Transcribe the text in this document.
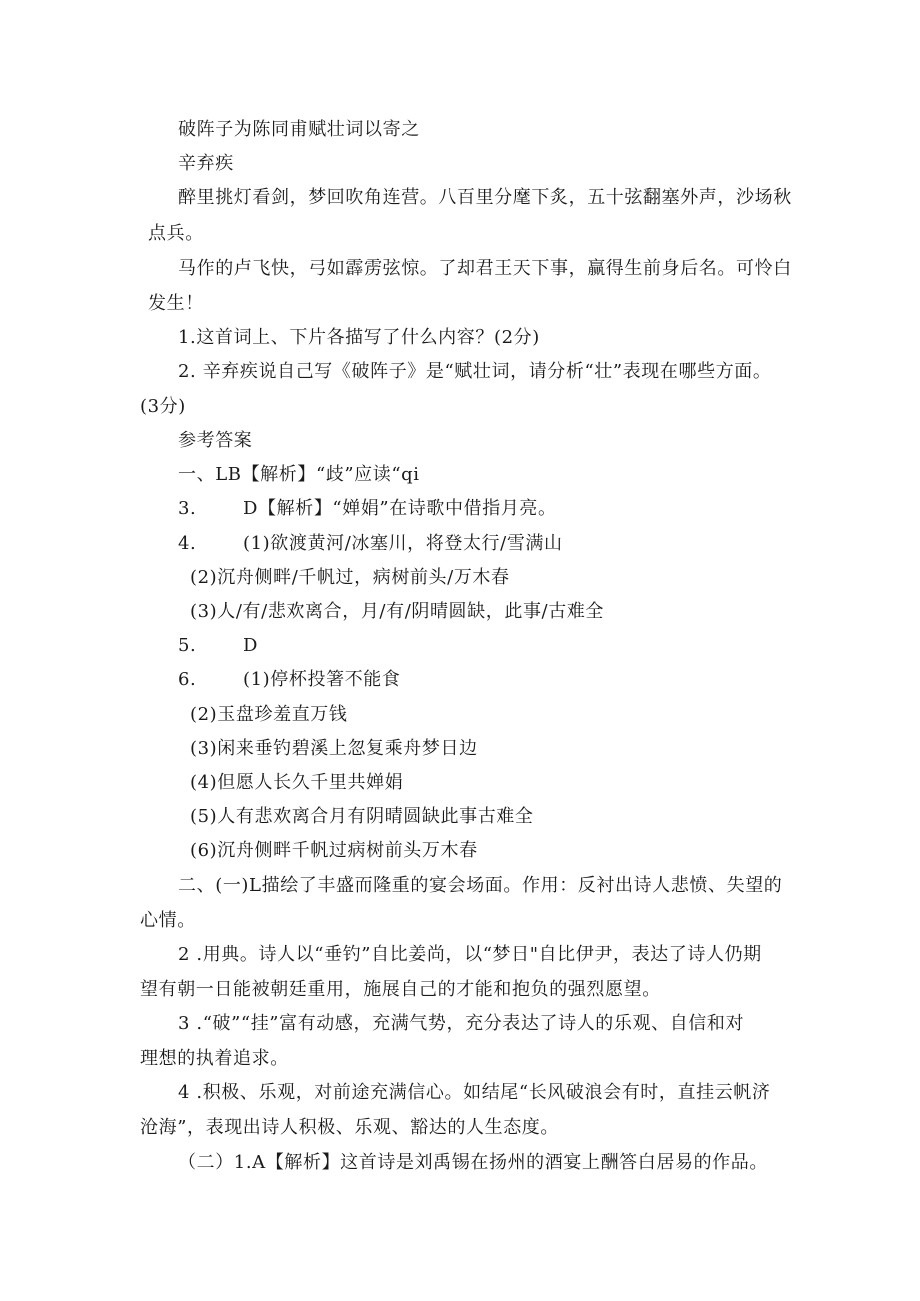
破阵子为陈同甫赋壮词以寄之
辛弃疾
醉里挑灯看剑，梦回吹角连营。八百里分麾下炙，五十弦翻塞外声，沙场秋
点兵。
马作的卢飞快，弓如霹雳弦惊。了却君王天下事，赢得生前身后名。可怜白
发生！
1.这首词上、下片各描写了什么内容？(2分)
2. 辛弃疾说自己写《破阵子》是“赋壮词，请分析“壮”表现在哪些方面。
(3分)
参考答案
一、LB【解析】“歧”应读“qi
3.	D【解析】“婵娟”在诗歌中借指月亮。
4.	(1)欲渡黄河/冰塞川，将登太行/雪满山
(2)沉舟侧畔/千帆过，病树前头/万木春
(3)人/有/悲欢离合，月/有/阴晴圆缺，此事/古难全
5.	D
6.	(1)停杯投箸不能食
(2)玉盘珍羞直万钱
(3)闲来垂钓碧溪上忽复乘舟梦日边
(4)但愿人长久千里共婵娟
(5)人有悲欢离合月有阴晴圆缺此事古难全
(6)沉舟侧畔千帆过病树前头万木春
二、(一)L描绘了丰盛而隆重的宴会场面。作用：反衬出诗人悲愤、失望的
心情。
2 .用典。诗人以“垂钓”自比姜尚，以“梦日"自比伊尹，表达了诗人仍期
望有朝一日能被朝廷重用，施展自己的才能和抱负的强烈愿望。
3 .“破”“挂”富有动感，充满气势，充分表达了诗人的乐观、自信和对
理想的执着追求。
4 .积极、乐观，对前途充满信心。如结尾“长风破浪会有时，直挂云帆济
沧海”，表现出诗人积极、乐观、豁达的人生态度。
（二）1.A【解析】这首诗是刘禹锡在扬州的酒宴上酬答白居易的作品。
